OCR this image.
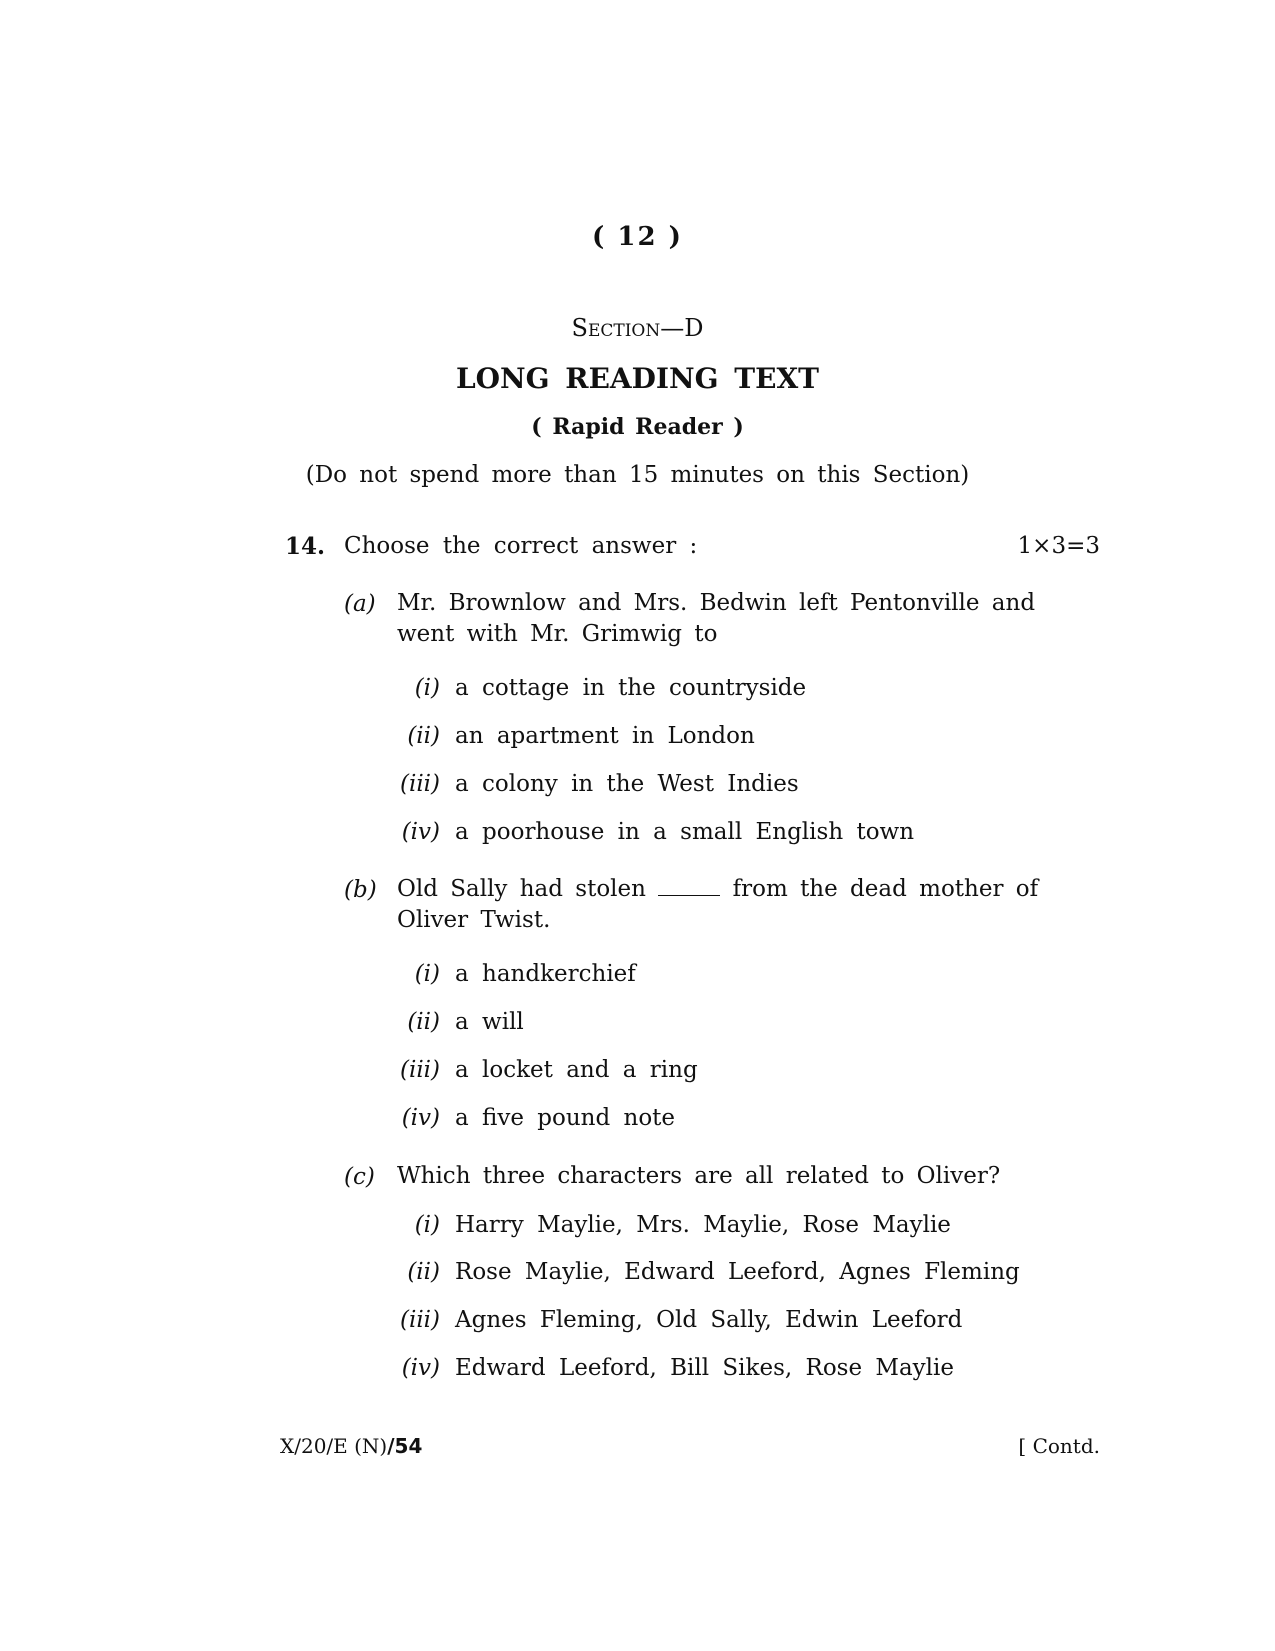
( 12 )
Section—D
LONG READING TEXT
( Rapid Reader )
(Do not spend more than 15 minutes on this Section)
14. Choose the correct answer :	1×3=3
(a) Mr. Brownlow and Mrs. Bedwin left Pentonville and went with Mr. Grimwig to
(i) a cottage in the countryside
(ii) an apartment in London
(iii) a colony in the West Indies
(iv) a poorhouse in a small English town
(b) Old Sally had stolen	from the dead mother of Oliver Twist.
(i) a handkerchief
(ii) a will
(iii) a locket and a ring
(iv) a five pound note
(c) Which three characters are all related to Oliver?
(i) Harry Maylie, Mrs. Maylie, Rose Maylie
(ii) Rose Maylie, Edward Leeford, Agnes Fleming
(iii) Agnes Fleming, Old Sally, Edwin Leeford
(iv) Edward Leeford, Bill Sikes, Rose Maylie
X/20/E (N)/54	[ Contd.
